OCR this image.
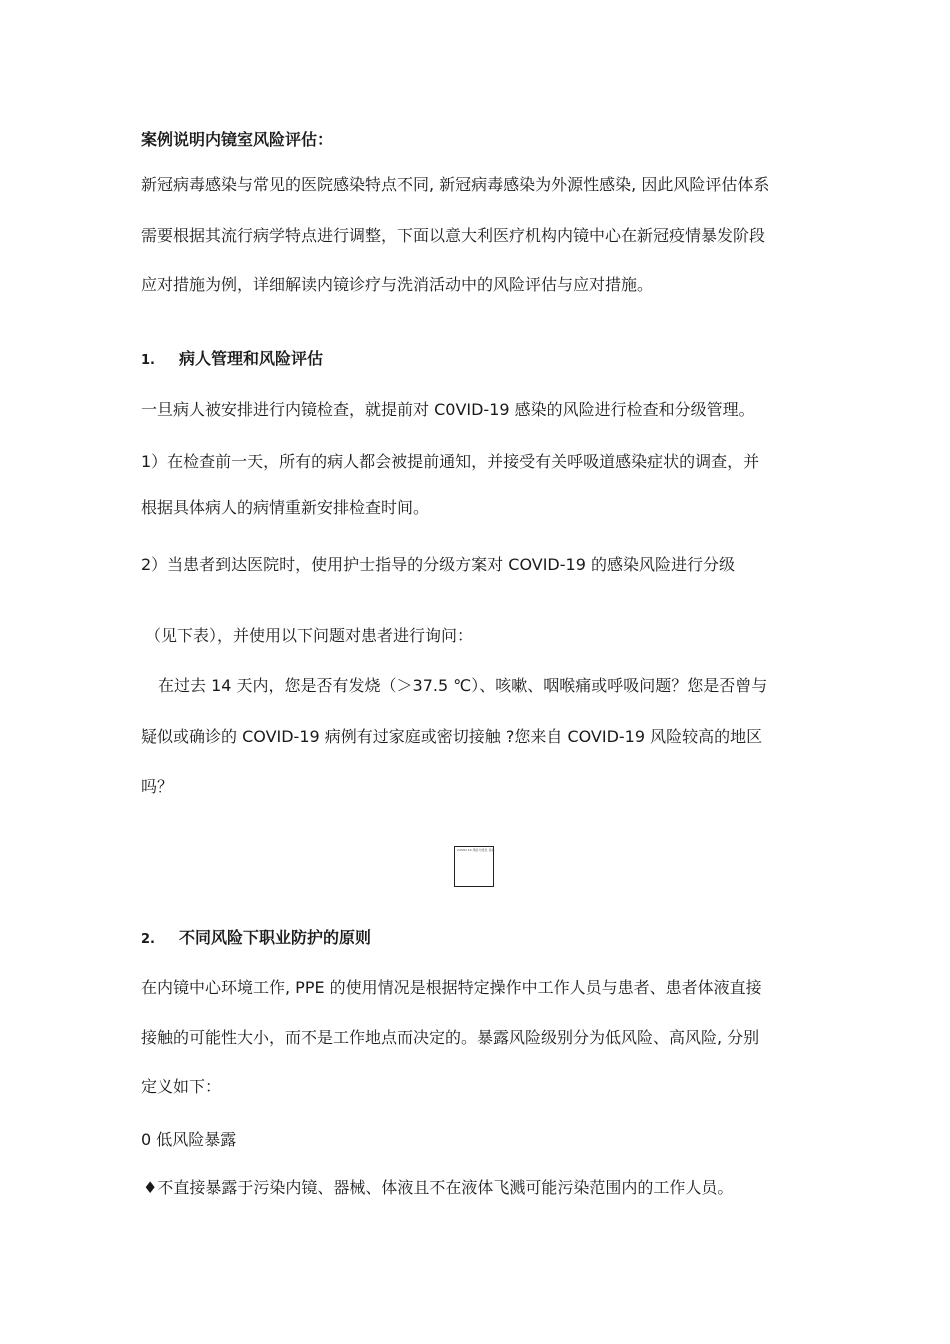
案例说明内镜室风险评估：
新冠病毒感染与常见的医院感染特点不同, 新冠病毒感染为外源性感染, 因此风险评估体系
需要根据其流行病学特点进行调整，下面以意大利医疗机构内镜中心在新冠疫情暴发阶段
应对措施为例，详细解读内镜诊疗与洗消活动中的风险评估与应对措施。
1. 病人管理和风险评估
一旦病人被安排进行内镜检查，就提前对 C0VID-19 感染的风险进行检查和分级管理。
1）在检查前一天，所有的病人都会被提前通知，并接受有关呼吸道感染症状的调查，并
根据具体病人的病情重新安排检查时间。
2）当患者到达医院时，使用护士指导的分级方案对 COVID-19 的感染风险进行分级
（见下表），并使用以下问题对患者进行询问：
在过去 14 天内，您是否有发烧（＞37.5 ℃）、咳嗽、咽喉痛或呼吸问题？您是否曾与
疑似或确诊的 COVID-19 病例有过家庭或密切接触 ?您来自 COVID-19 风险较高的地区
吗？
COVID-19 风险分级表 表格
2. 不同风险下职业防护的原则
在内镜中心环境工作, PPE 的使用情况是根据特定操作中工作人员与患者、患者体液直接
接触的可能性大小，而不是工作地点而决定的。暴露风险级别分为低风险、高风险, 分别
定义如下：
0 低风险暴露
♦不直接暴露于污染内镜、器械、体液且不在液体飞溅可能污染范围内的工作人员。
